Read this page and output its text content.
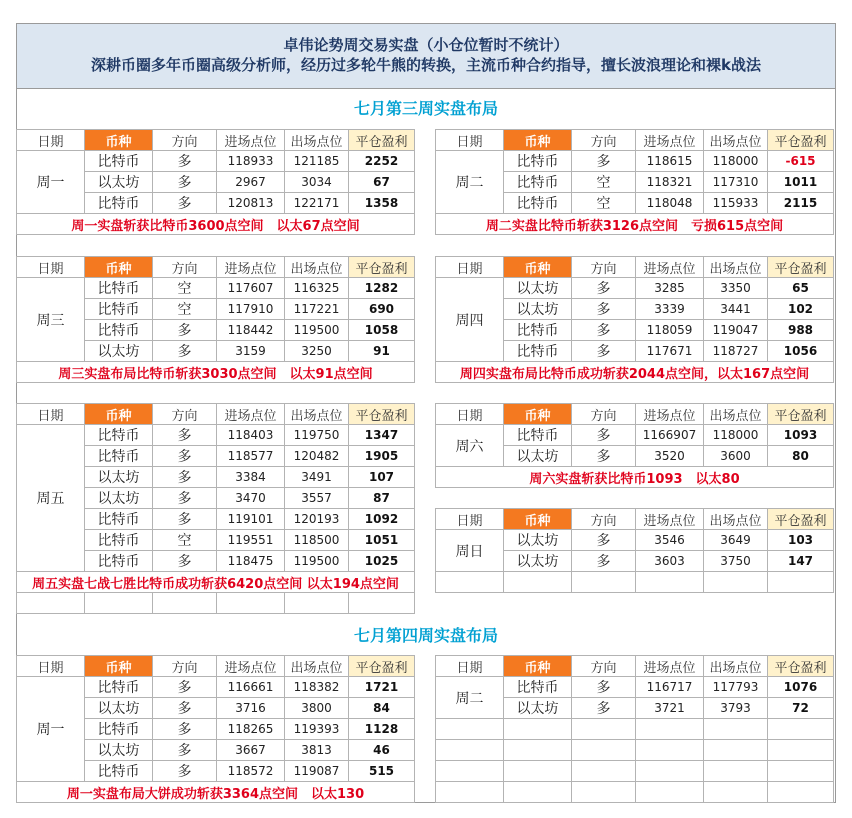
卓伟论势周交易实盘（小仓位暂时不统计）
深耕币圈多年币圈高级分析师，经历过多轮牛熊的转换，主流币种合约指导，擅长波浪理论和裸k战法
七月第三周实盘布局
日期	币种	方向	进场点位	出场点位	平仓盈利
周一	比特币	多	118933	121185	2252
	以太坊	多	2967	3034	67
	比特币	多	120813	122171	1358
周一实盘斩获比特币3600点空间　以太67点空间					
日期	币种	方向	进场点位	出场点位	平仓盈利
周二	比特币	多	118615	118000	-615
	比特币	空	118321	117310	1011
	比特币	空	118048	115933	2115
周二实盘比特币斩获3126点空间　亏损615点空间					
日期	币种	方向	进场点位	出场点位	平仓盈利
周三	比特币	空	117607	116325	1282
	比特币	空	117910	117221	690
	比特币	多	118442	119500	1058
	以太坊	多	3159	3250	91
周三实盘布局比特币斩获3030点空间　以太91点空间					
日期	币种	方向	进场点位	出场点位	平仓盈利
周四	以太坊	多	3285	3350	65
	以太坊	多	3339	3441	102
	比特币	多	118059	119047	988
	比特币	多	117671	118727	1056
周四实盘布局比特币成功斩获2044点空间，以太167点空间					
日期	币种	方向	进场点位	出场点位	平仓盈利
周五	比特币	多	118403	119750	1347
	比特币	多	118577	120482	1905
	以太坊	多	3384	3491	107
	以太坊	多	3470	3557	87
	比特币	多	119101	120193	1092
	比特币	空	119551	118500	1051
	比特币	多	118475	119500	1025
周五实盘七战七胜比特币成功斩获6420点空间 以太194点空间					

日期	币种	方向	进场点位	出场点位	平仓盈利
周六	比特币	多	1166907	118000	1093
	以太坊	多	3520	3600	80
周六实盘斩获比特币1093　以太80					
日期	币种	方向	进场点位	出场点位	平仓盈利
周日	以太坊	多	3546	3649	103
	以太坊	多	3603	3750	147

日期	币种	方向	进场点位	出场点位	平仓盈利
周一	比特币	多	116661	118382	1721
	以太坊	多	3716	3800	84
	比特币	多	118265	119393	1128
	以太坊	多	3667	3813	46
	比特币	多	118572	119087	515
周一实盘布局大饼成功斩获3364点空间　以太130					
日期	币种	方向	进场点位	出场点位	平仓盈利
周二	比特币	多	116717	117793	1076
	以太坊	多	3721	3793	72

七月第四周实盘布局
